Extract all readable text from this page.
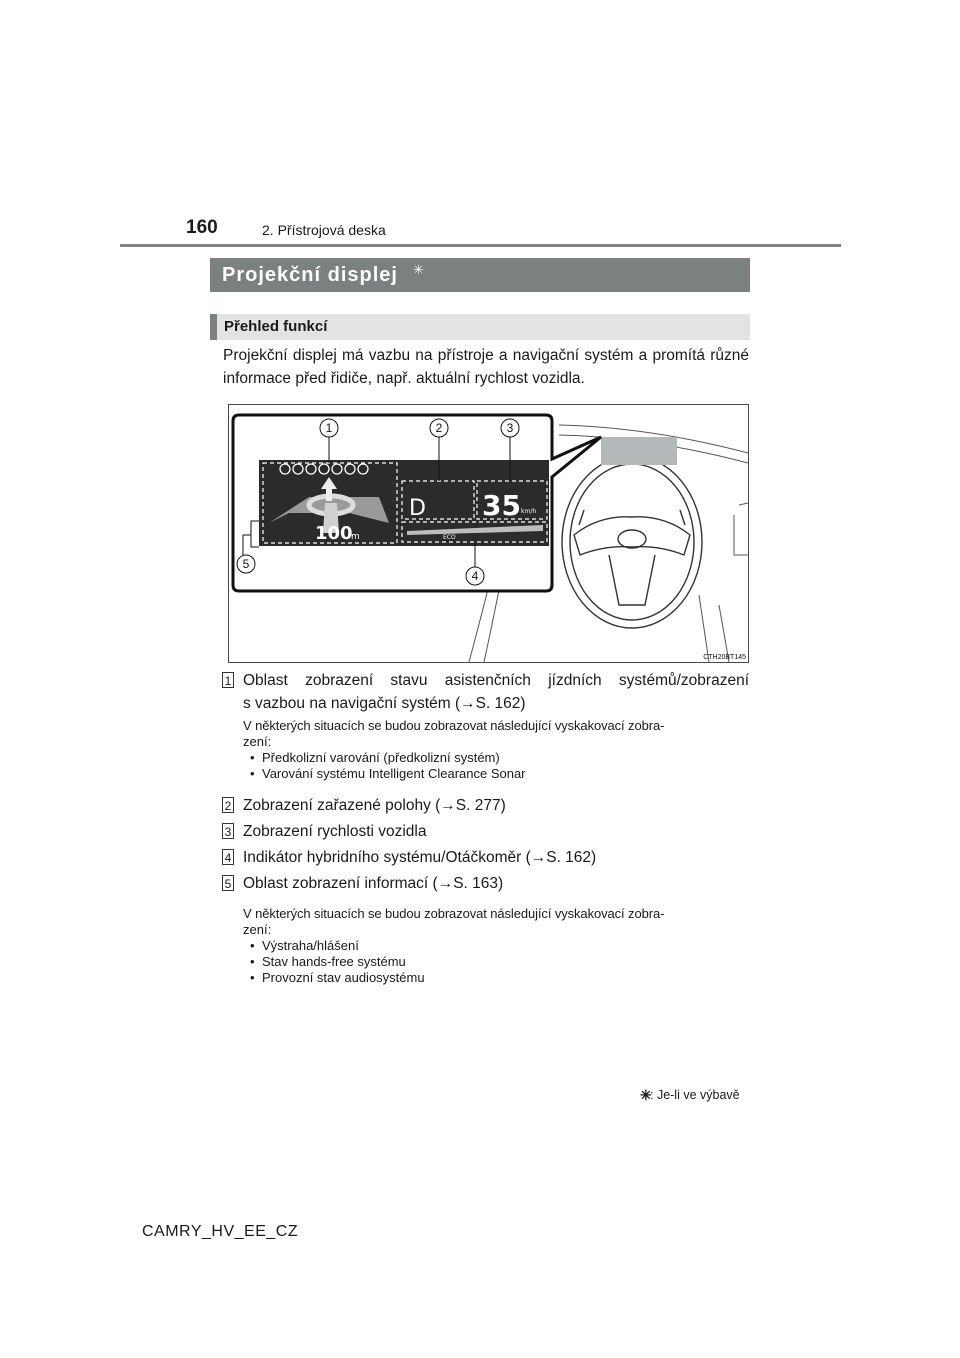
160	2. Přístrojová deska
Projekční displej ✳
Přehled funkcí
Projekční displej má vazbu na přístroje a navigační systém a promítá různé informace před řidiče, např. aktuální rychlost vozidla.
100
m
D 35 km/h
ECO
1	2	3
4
5
CTH20BT145
1 Oblast zobrazení stavu asistenčních jízdních systémů/zobrazení
s vazbou na navigační systém (→S. 162)
V některých situacích se budou zobrazovat následující vyskakovací zobra-
zení:
• Předkolizní varování (předkolizní systém)
• Varování systému Intelligent Clearance Sonar
2 Zobrazení zařazené polohy (→S. 277)
3 Zobrazení rychlosti vozidla
4 Indikátor hybridního systému/Otáčkoměr (→S. 162)
5 Oblast zobrazení informací (→S. 163)
V některých situacích se budou zobrazovat následující vyskakovací zobra-
zení:
• Výstraha/hlášení
• Stav hands-free systému
• Provozní stav audiosystému
✳
: Je-li ve výbavě
CAMRY_HV_EE_CZ
